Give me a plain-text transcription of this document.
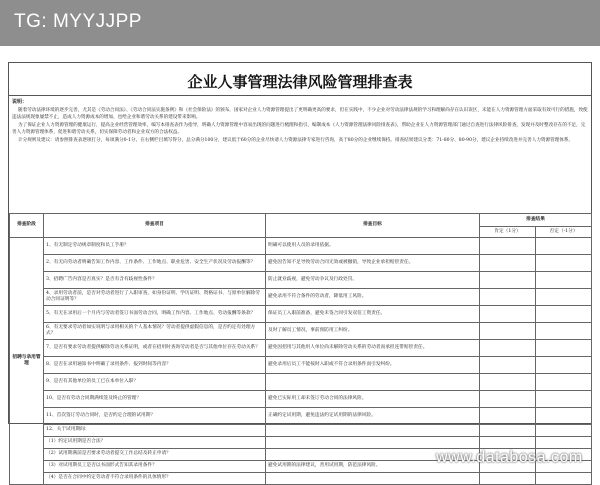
TG: MYYJJPP
企业人事管理法律风险管理排查表
说明：

随着劳动法律环境的逐步完善，尤其是《劳动合同法》、《劳动合同法实施条例》和《社会保险法》的颁布，国家对企业人力资源管理提出了更明确更高的要求，但在实践中，不少企业对劳动法律法规的学习和理解尚存在认识误区，未能在人力资源管理方面采取有效可行的措施，致使违法法规现象屡禁不止，造成人力资源成本的增加，也给企业和谐劳动关系的建设带来影响。

为了保证企业人力资源管理的健康运行，提高企业经营管理效率，编写本排查表作为指导，明确人力资源管理中容易出现的问题进行梳理和指引，编制成本《人力资源管理法律风险排查表》，帮助企业在人力资源管理部门通过自查进行法律风险排查，发现并及时整改存在的不足，完善人力资源管理体系，促进和谐劳动关系，切实保障劳动者和企业双方的合法权益。

计分规则及建议：请参照排查表逐项打分，每项满分0-1分，在右侧栏目填写得分，总分满分100分，建议低于60分的企业尽快请人力资源法律专家进行咨询，高于80分的企业继续保持。排查结果建议分类：71-80分、80-90分，建议企业持续改进并完善人力资源管理体系。

排查阶段	排查项目	排查目标	排查结果	
			肯定（1分）	否定（-1分）
招聘与录用管理	1、有无制定劳动规章制度和员工手册？	明确可以使用人员的录用依据。		
	2、有无向劳动者明确告知工作内容、工作条件、工作地点、职业危害、安全生产状况及劳动报酬等？	避免因告知不足导致劳动合同无效或被撤销，导致企业承担赔偿责任。		
	3、招聘广告内容是否真实？是否有含有歧视性条件？	防止就业歧视，避免劳动争议及行政处罚。		
	4、录用劳动者前，是否对劳动者进行了入职审查，如身份证明、学历证明、资格证书、与原单位解除劳动合同证明等？	避免录用不符合条件的劳动者，降低用工风险。		
	5、有无在录用后一个月内与劳动者签订书面劳动合同，明确工作内容、工作地点、劳动报酬等条款？	保证员工入职前准备，避免未签合同引发双倍工资责任。		
	6、有无要求劳动者如实说明与录用相关的个人基本情况？劳动者提供虚假信息的，是否约定有处理方式？	及时了解员工情况，事前预防用工纠纷。		
	7、是否有要求劳动者提供解除劳动关系证明，或者在招用时查询劳动者是否与其他单位存在劳动关系？	避免因招用与其他用人单位尚未解除劳动关系的劳动者而承担连带赔偿责任。		
	8、是否在录用通知书中明确了录用条件、报到时间等内容？	避免录用后员工不能按时入职或不符合录用条件而引发纠纷。		
	9、是否有其他单位的员工已在本单位入职？			
	10、是否有劳动合同期满续签及终止的管理？	避免已实际用工却未签订劳动合同的法律风险。		
	11、首次签订劳动合同时，是否约定合理的试用期？	正确约定试用期，避免违法约定试用期的法律风险。		
	12、关于试用期间：			
	（1）约定试用期是否合法？			
	（2）试用期满前是否要求劳动者提交工作总结及转正申请？			
	（3）对试用期员工是否以书面形式告知其录用条件？	避免试用期的法律建议，善用试用期，防范法律风险。		
	（4）是否在合同中约定劳动者不符合录用条件的具体情形？			
www.databosa.com
